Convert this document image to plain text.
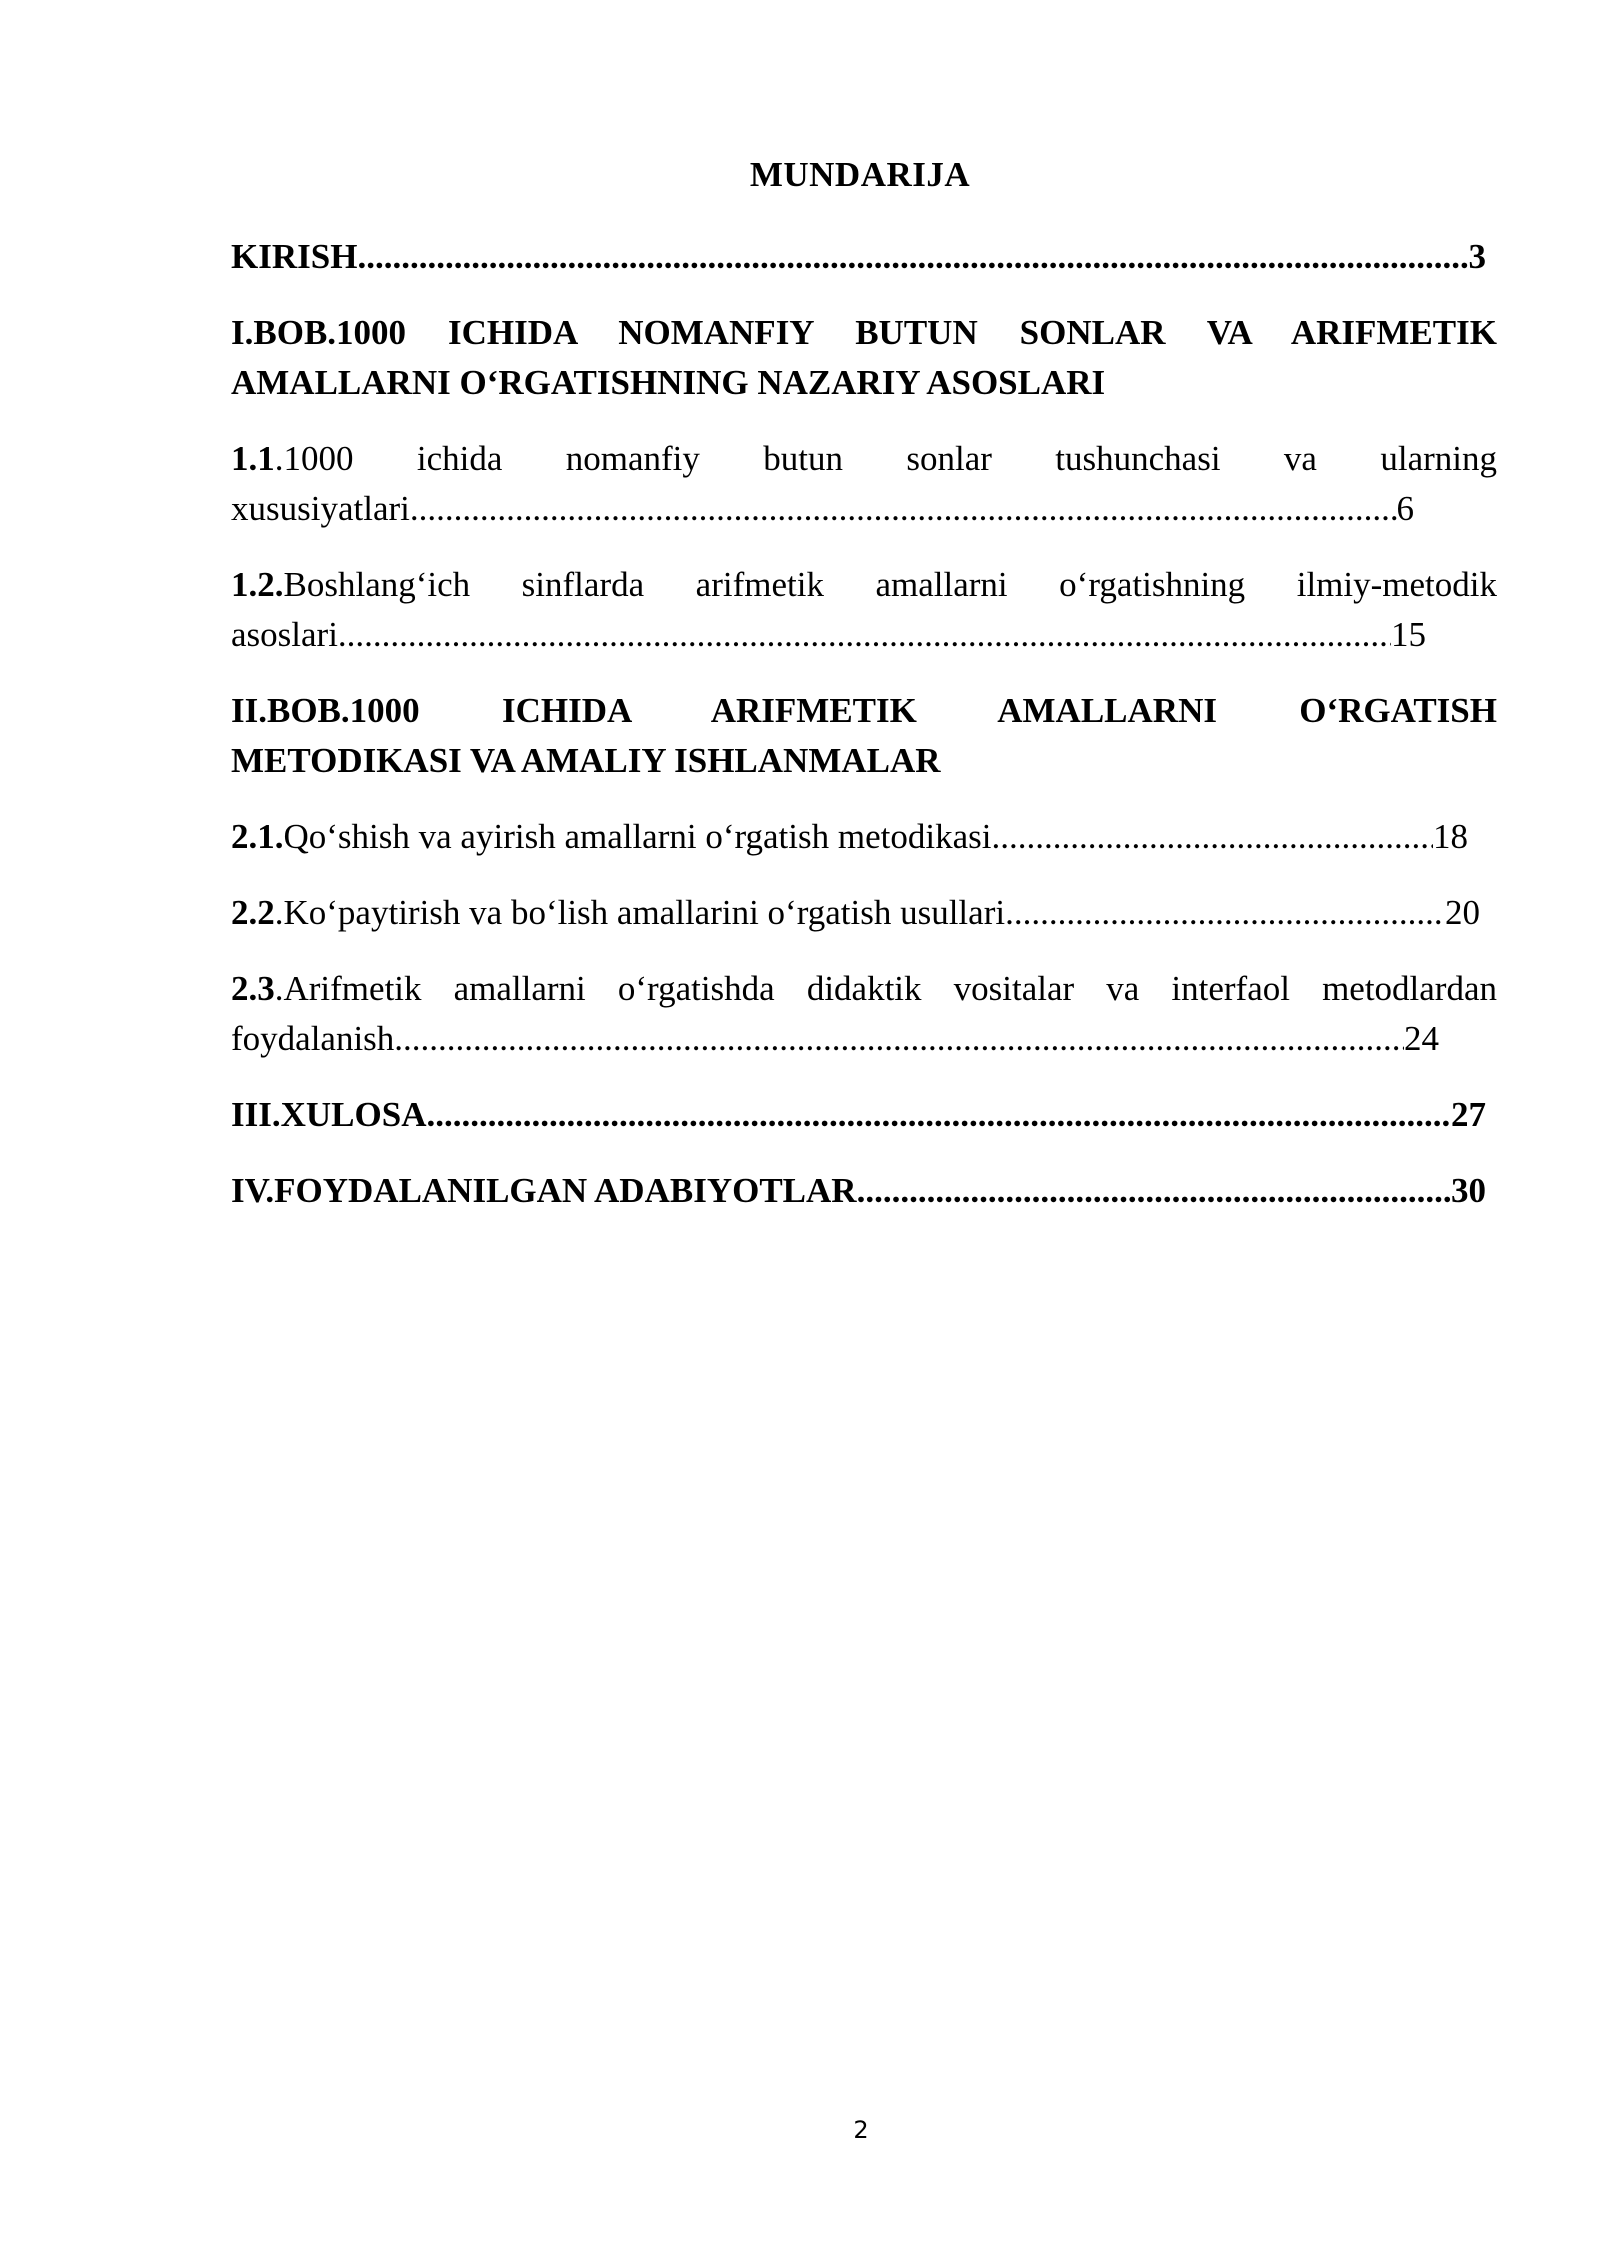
MUNDARIJA
KIRISH .....	3
I.BOB.1000 ICHIDA NOMANFIY BUTUN SONLAR VA ARIFMETIK
AMALLARNI O‘RGATISHNING NAZARIY ASOSLARI
1.1.1000 ichida nomanfiy butun sonlar tushunchasi va ularning
xususiyatlari .....	6
1.2.Boshlang‘ich sinflarda arifmetik amallarni o‘rgatishning ilmiy-metodik
asoslari .....	15
II.BOB.1000 ICHIDA ARIFMETIK AMALLARNI O‘RGATISH
METODIKASI VA AMALIY ISHLANMALAR
2.1. Qo‘shish va ayirish amallarni o‘rgatish metodikasi .....	18
2.2 .Ko‘paytirish va bo‘lish amallarini o‘rgatish usullari .....	20
2.3.Arifmetik amallarni o‘rgatishda didaktik vositalar va interfaol metodlardan
foydalanish .....	24
III.XULOSA .....	27
IV.FOYDALANILGAN ADABIYOTLAR .....	30
2
